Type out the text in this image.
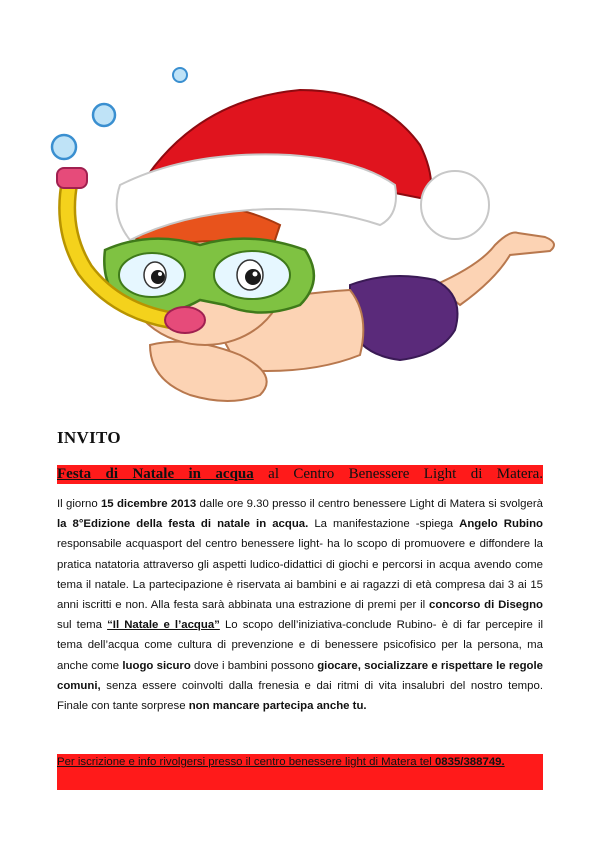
INVITO
Festa di Natale in acqua al Centro Benessere Light di Matera.

Il giorno 15 dicembre 2013 dalle ore 9.30 presso il centro benessere Light di Matera si svolgerà la 8°Edizione della festa di natale in acqua. La manifestazione -spiega Angelo Rubino responsabile acquasport del centro benessere light- ha lo scopo di promuovere e diffondere la pratica natatoria attraverso gli aspetti ludico-didattici di giochi e percorsi in acqua avendo come tema il natale. La partecipazione è riservata ai bambini e ai ragazzi di età compresa dai 3 ai 15 anni iscritti e non. Alla festa sarà abbinata una estrazione di premi per il concorso di Disegno sul tema “Il Natale e l’acqua” Lo scopo dell’iniziativa-conclude Rubino- è di far percepire il tema dell’acqua come cultura di prevenzione e di benessere psicofisico per la persona, ma anche come luogo sicuro dove i bambini possono giocare, socializzare e rispettare le regole comuni, senza essere coinvolti dalla frenesia e dai ritmi di vita insalubri del nostro tempo. Finale con tante sorprese non mancare partecipa anche tu.

Per iscrizione e info rivolgersi presso il centro benessere light di Matera tel 0835/388749.
